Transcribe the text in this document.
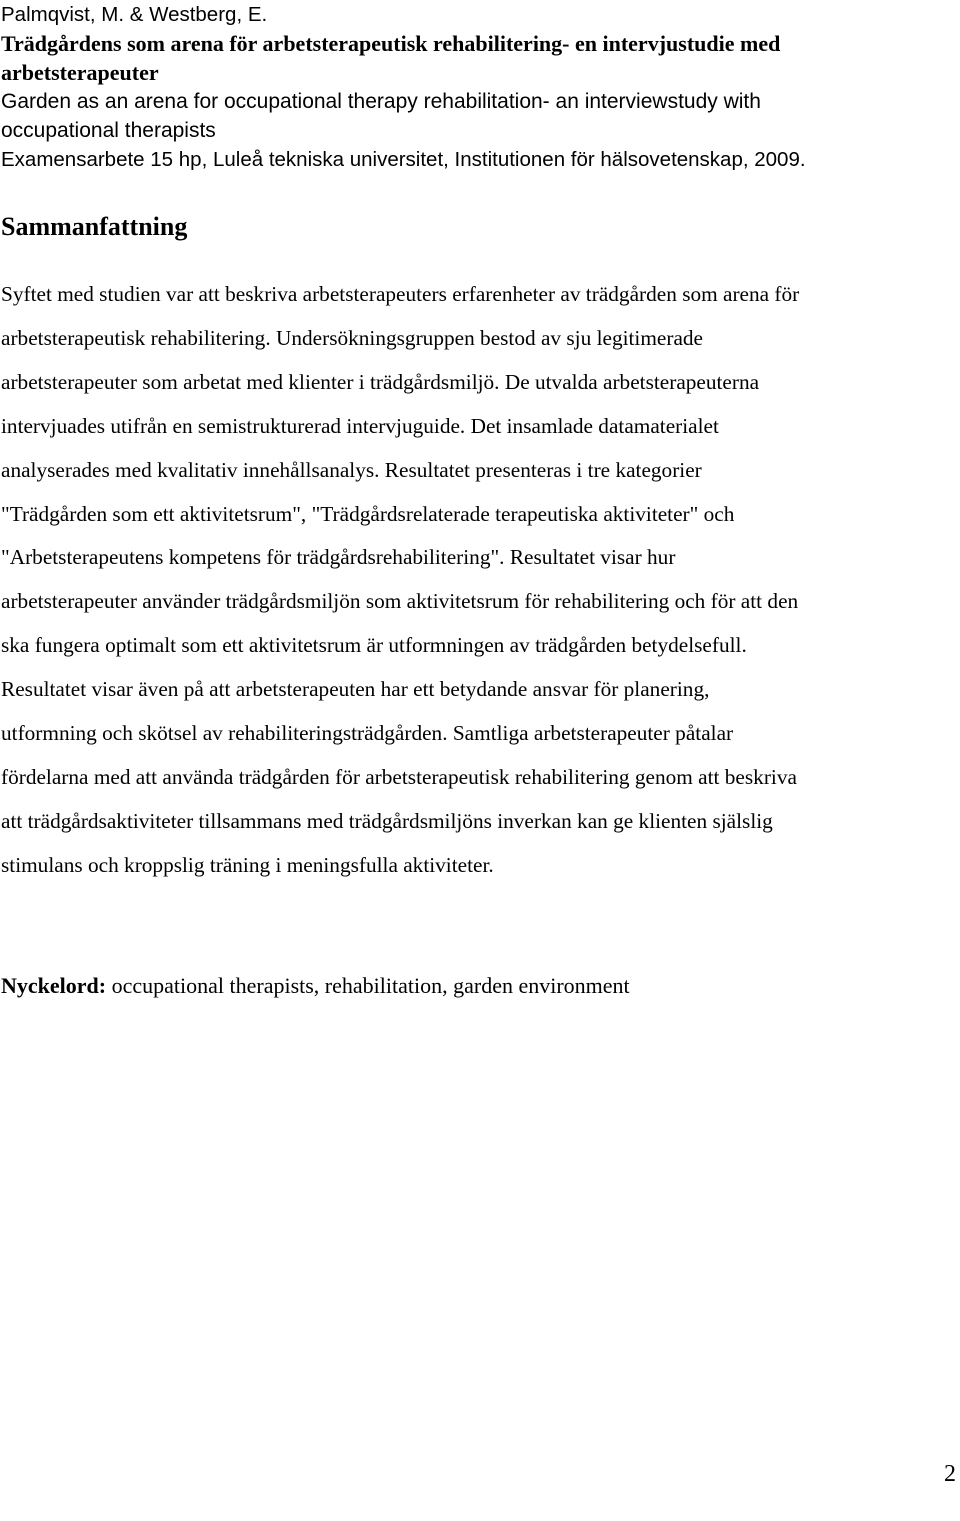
Palmqvist, M. & Westberg, E.
Trädgårdens som arena för arbetsterapeutisk rehabilitering- en intervjustudie med
arbetsterapeuter
Garden as an arena for occupational therapy rehabilitation- an interviewstudy with
occupational therapists
Examensarbete 15 hp, Luleå tekniska universitet, Institutionen för hälsovetenskap, 2009.
Sammanfattning

Syftet med studien var att beskriva arbetsterapeuters erfarenheter av trädgården som arena för
arbetsterapeutisk rehabilitering. Undersökningsgruppen bestod av sju legitimerade
arbetsterapeuter som arbetat med klienter i trädgårdsmiljö. De utvalda arbetsterapeuterna
intervjuades utifrån en semistrukturerad intervjuguide. Det insamlade datamaterialet
analyserades med kvalitativ innehållsanalys. Resultatet presenteras i tre kategorier
"Trädgården som ett aktivitetsrum", "Trädgårdsrelaterade terapeutiska aktiviteter" och
"Arbetsterapeutens kompetens för trädgårdsrehabilitering". Resultatet visar hur
arbetsterapeuter använder trädgårdsmiljön som aktivitetsrum för rehabilitering och för att den
ska fungera optimalt som ett aktivitetsrum är utformningen av trädgården betydelsefull.
Resultatet visar även på att arbetsterapeuten har ett betydande ansvar för planering,
utformning och skötsel av rehabiliteringsträdgården. Samtliga arbetsterapeuter påtalar
fördelarna med att använda trädgården för arbetsterapeutisk rehabilitering genom att beskriva
att trädgårdsaktiviteter tillsammans med trädgårdsmiljöns inverkan kan ge klienten själslig
stimulans och kroppslig träning i meningsfulla aktiviteter.

Nyckelord: occupational therapists, rehabilitation, garden environment

2
